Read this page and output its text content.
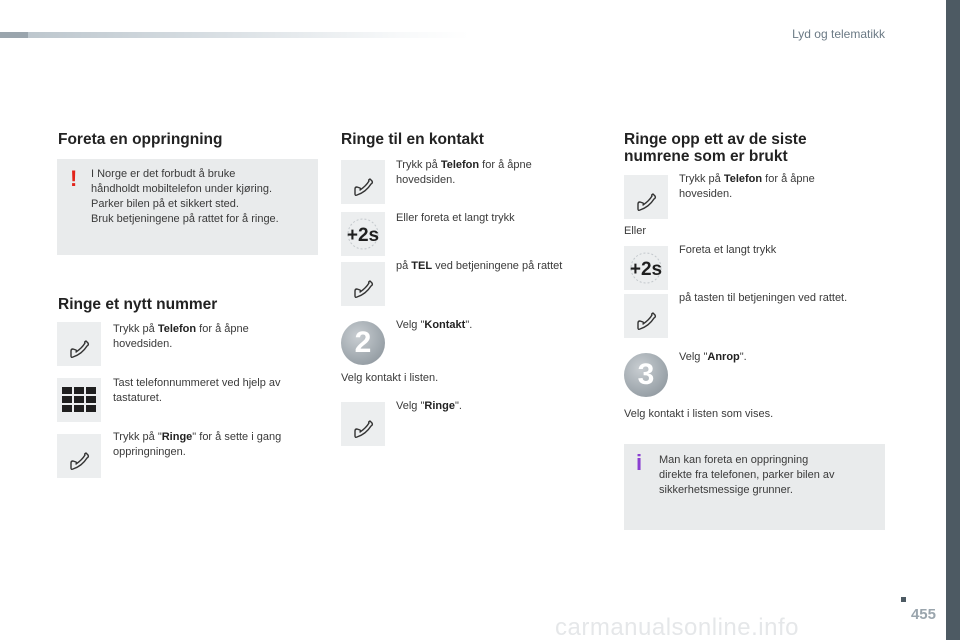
Lyd og telematikk
Foreta en oppringning
! I Norge er det forbudt å bruke
håndholdt mobiltelefon under kjøring.
Parker bilen på et sikkert sted.
Bruk betjeningene på rattet for å ringe.
Ringe et nytt nummer
Trykk på Telefon for å åpne
hovedsiden.
Tast telefonnummeret ved hjelp av
tastaturet.
Trykk på "Ringe" for å sette i gang
oppringningen.
Ringe til en kontakt
Trykk på Telefon for å åpne
hovedsiden.
+2s
Eller foreta et langt trykk
på TEL ved betjeningene på rattet
2
Velg "Kontakt".
Velg kontakt i listen.
Velg "Ringe".
Ringe opp ett av de siste
numrene som er brukt
Trykk på Telefon for å åpne
hovesiden.
Eller
+2s
Foreta et langt trykk
på tasten til betjeningen ved rattet.
3
Velg "Anrop".
Velg kontakt i listen som vises.
i Man kan foreta en oppringning
direkte fra telefonen, parker bilen av
sikkerhetsmessige grunner.
455
carmanualsonline.info
